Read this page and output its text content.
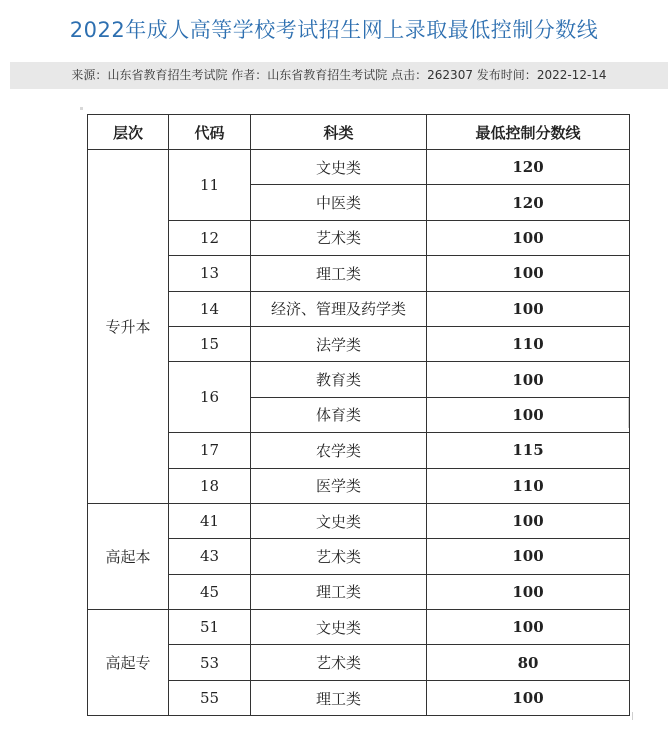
2022年成人高等学校考试招生网上录取最低控制分数线
来源：山东省教育招生考试院 作者：山东省教育招生考试院 点击：262307 发布时间：2022-12-14
层次	代码	科类	最低控制分数线
专升本	11	文史类	120
		中医类	120
	12	艺术类	100
	13	理工类	100
	14	经济、管理及药学类	100
	15	法学类	110
	16	教育类	100
		体育类	100
	17	农学类	115
	18	医学类	110
高起本	41	文史类	100
	43	艺术类	100
	45	理工类	100
高起专	51	文史类	100
	53	艺术类	80
	55	理工类	100
